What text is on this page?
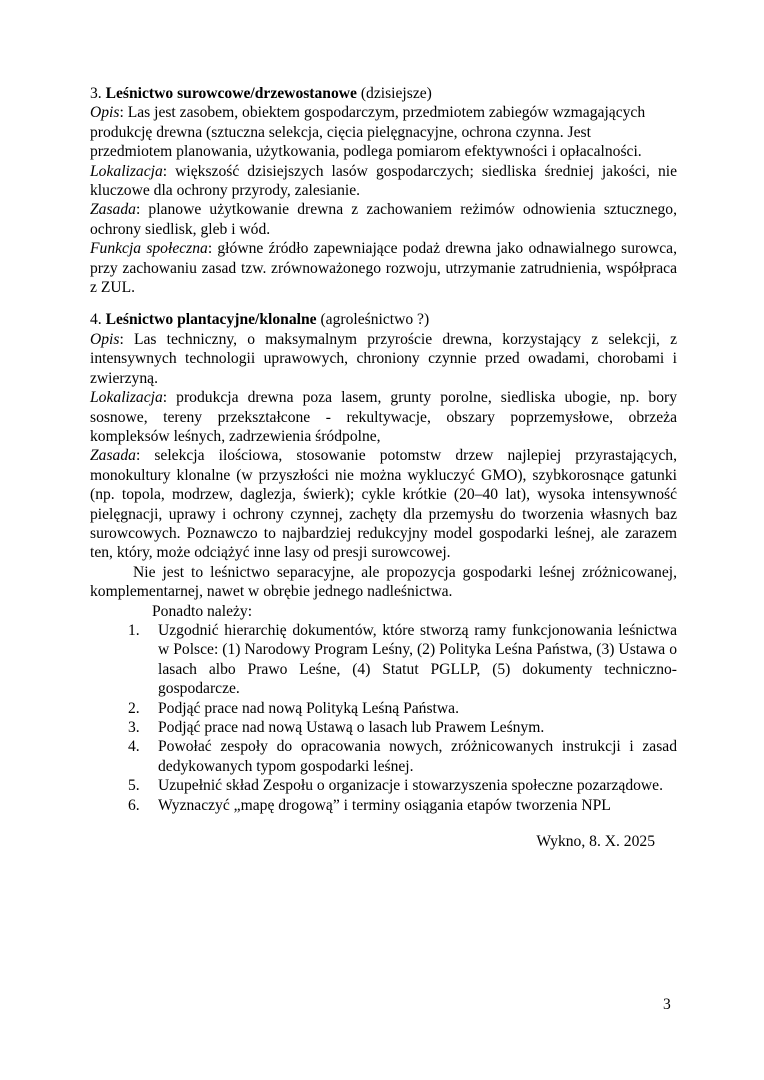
3. Leśnictwo surowcowe/drzewostanowe (dzisiejsze)

Opis: Las jest zasobem, obiektem gospodarczym, przedmiotem zabiegów wzmagających produkcję drewna (sztuczna selekcja, cięcia pielęgnacyjne, ochrona czynna. Jest przedmiotem planowania, użytkowania, podlega pomiarom efektywności i opłacalności.

Lokalizacja: większość dzisiejszych lasów gospodarczych; siedliska średniej jakości, nie kluczowe dla ochrony przyrody, zalesianie.

Zasada: planowe użytkowanie drewna z zachowaniem reżimów odnowienia sztucznego, ochrony siedlisk, gleb i wód.

Funkcja społeczna: główne źródło zapewniające podaż drewna jako odnawialnego surowca, przy zachowaniu zasad tzw. zrównoważonego rozwoju, utrzymanie zatrudnienia, współpraca z ZUL.

4. Leśnictwo plantacyjne/klonalne (agroleśnictwo ?)

Opis: Las techniczny, o maksymalnym przyroście drewna, korzystający z selekcji, z intensywnych technologii uprawowych, chroniony czynnie przed owadami, chorobami i zwierzyną.

Lokalizacja: produkcja drewna poza lasem, grunty porolne, siedliska ubogie, np. bory sosnowe, tereny przekształcone - rekultywacje, obszary poprzemysłowe, obrzeża kompleksów leśnych, zadrzewienia śródpolne,

Zasada: selekcja ilościowa, stosowanie potomstw drzew najlepiej przyrastających, monokultury klonalne (w przyszłości nie można wykluczyć GMO), szybkorosnące gatunki (np. topola, modrzew, daglezja, świerk); cykle krótkie (20–40 lat), wysoka intensywność pielęgnacji, uprawy i ochrony czynnej, zachęty dla przemysłu do tworzenia własnych baz surowcowych. Poznawczo to najbardziej redukcyjny model gospodarki leśnej, ale zarazem ten, który, może odciążyć inne lasy od presji surowcowej.

Nie jest to leśnictwo separacyjne, ale propozycja gospodarki leśnej zróżnicowanej, komplementarnej, nawet w obrębie jednego nadleśnictwa.

Ponadto należy:

1.	Uzgodnić hierarchię dokumentów, które stworzą ramy funkcjonowania leśnictwa w Polsce: (1) Narodowy Program Leśny, (2) Polityka Leśna Państwa, (3) Ustawa o lasach albo Prawo Leśne, (4) Statut PGLLP, (5) dokumenty techniczno-gospodarcze.
2.	Podjąć prace nad nową Polityką Leśną Państwa.
3.	Podjąć prace nad nową Ustawą o lasach lub Prawem Leśnym.
4.	Powołać zespoły do opracowania nowych, zróżnicowanych instrukcji i zasad dedykowanych typom gospodarki leśnej.
5.	Uzupełnić skład Zespołu o organizacje i stowarzyszenia społeczne pozarządowe.
6.	Wyznaczyć „mapę drogową” i terminy osiągania etapów tworzenia NPL

Wykno, 8. X. 2025

3
